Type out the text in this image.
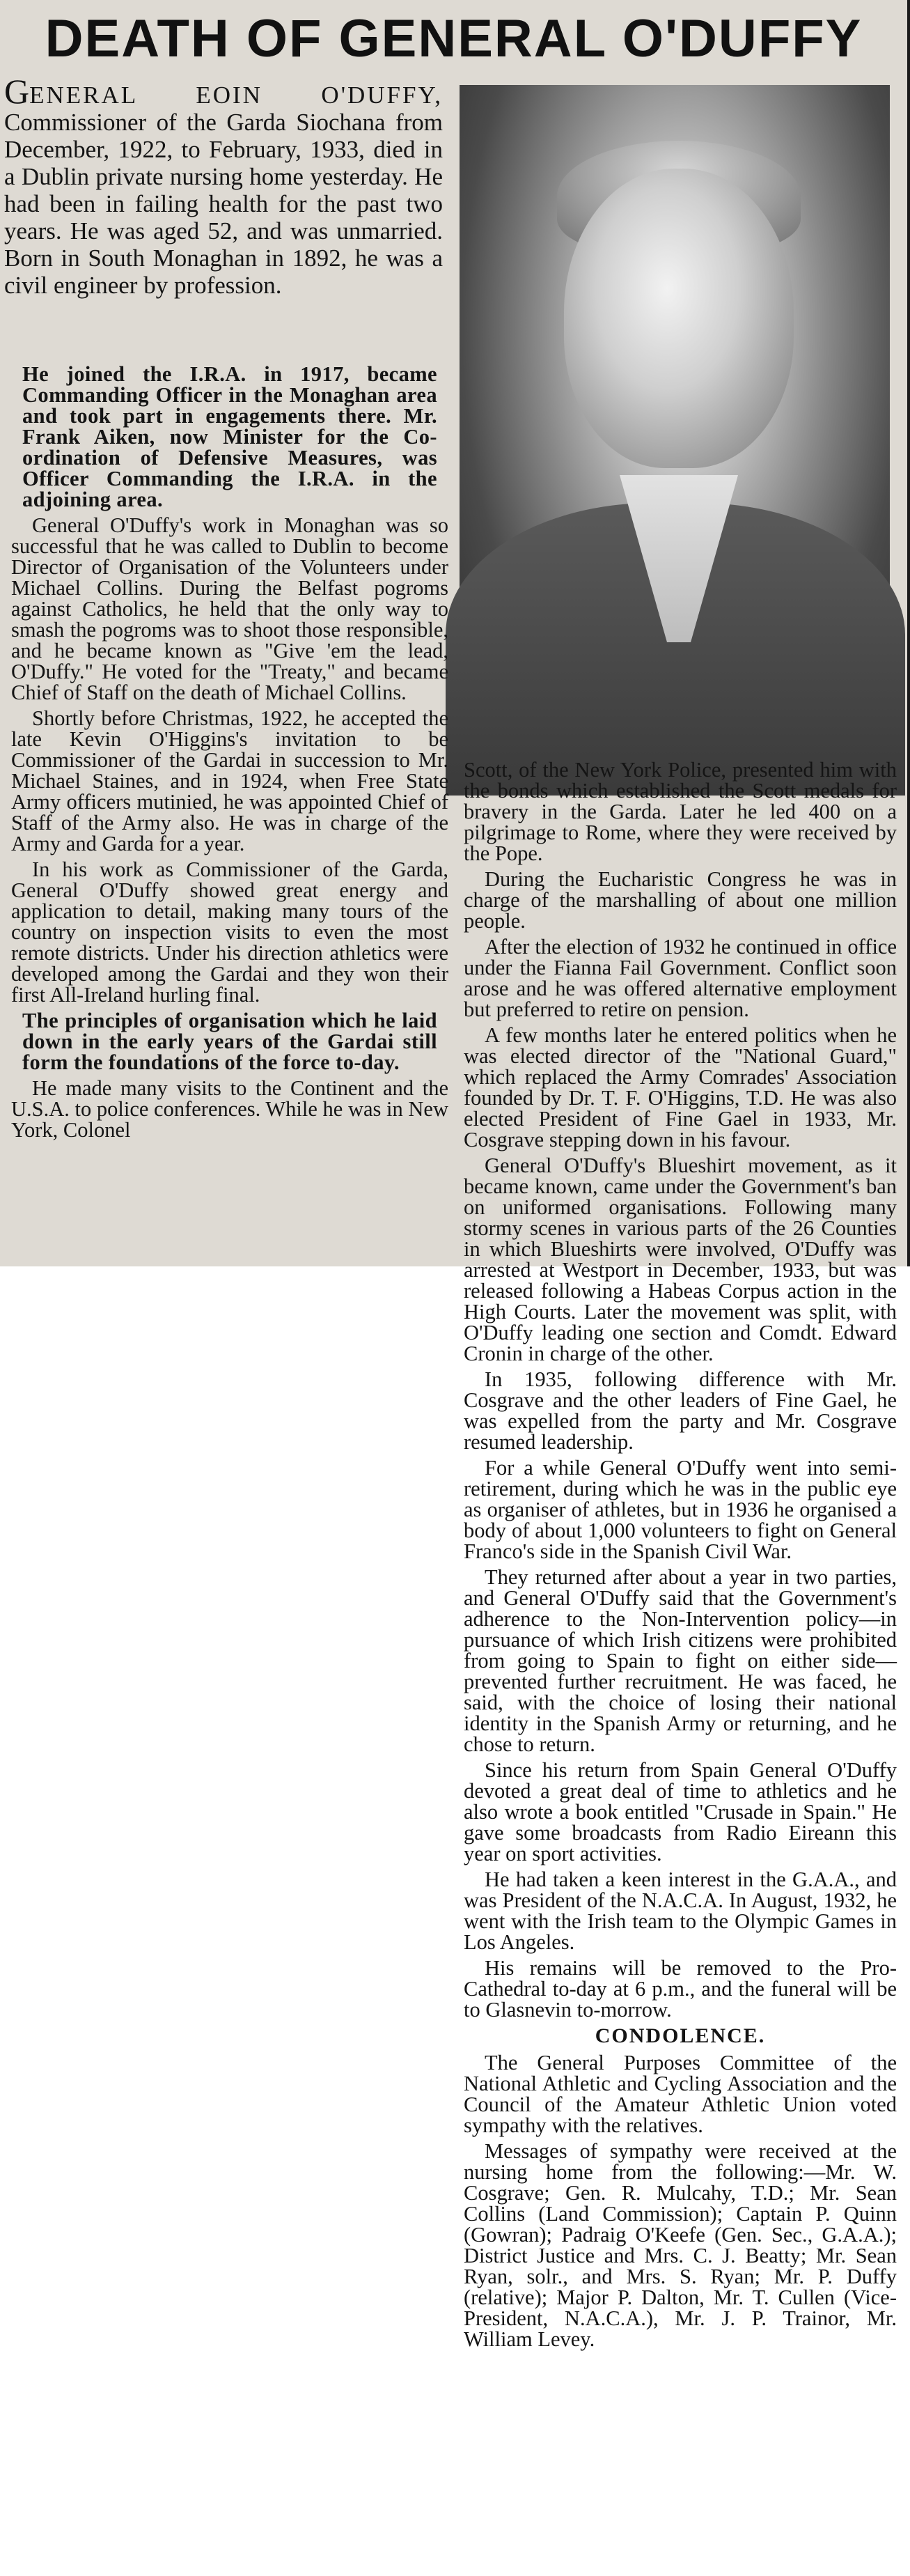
DEATH OF GENERAL O'DUFFY

GENERAL EOIN O'DUFFY, Commissioner of the Garda Siochana from December, 1922, to February, 1933, died in a Dublin private nursing home yesterday. He had been in failing health for the past two years. He was aged 52, and was unmarried. Born in South Monaghan in 1892, he was a civil engineer by profession.

He joined the I.R.A. in 1917, became Commanding Officer in the Monaghan area and took part in engagements there. Mr. Frank Aiken, now Minister for the Co-ordination of Defensive Measures, was Officer Commanding the I.R.A. in the adjoining area.

General O'Duffy's work in Monaghan was so successful that he was called to Dublin to become Director of Organisation of the Volunteers under Michael Collins. During the Belfast pogroms against Catholics, he held that the only way to smash the pogroms was to shoot those responsible, and he became known as "Give 'em the lead, O'Duffy." He voted for the "Treaty," and became Chief of Staff on the death of Michael Collins.

Shortly before Christmas, 1922, he accepted the late Kevin O'Higgins's invitation to be Commissioner of the Gardai in succession to Mr. Michael Staines, and in 1924, when Free State Army officers mutinied, he was appointed Chief of Staff of the Army also. He was in charge of the Army and Garda for a year.

In his work as Commissioner of the Garda, General O'Duffy showed great energy and application to detail, making many tours of the country on inspection visits to even the most remote districts. Under his direction athletics were developed among the Gardai and they won their first All-Ireland hurling final.

The principles of organisation which he laid down in the early years of the Gardai still form the foundations of the force to-day.

He made many visits to the Continent and the U.S.A. to police conferences. While he was in New York, Colonel

Scott, of the New York Police, presented him with the bonds which established the Scott medals for bravery in the Garda. Later he led 400 on a pilgrimage to Rome, where they were received by the Pope.

During the Eucharistic Congress he was in charge of the marshalling of about one million people.

After the election of 1932 he continued in office under the Fianna Fail Government. Conflict soon arose and he was offered alternative employment but preferred to retire on pension.

A few months later he entered politics when he was elected director of the "National Guard," which replaced the Army Comrades' Association founded by Dr. T. F. O'Higgins, T.D. He was also elected President of Fine Gael in 1933, Mr. Cosgrave stepping down in his favour.

General O'Duffy's Blueshirt movement, as it became known, came under the Government's ban on uniformed organisations. Following many stormy scenes in various parts of the 26 Counties in which Blueshirts were involved, O'Duffy was arrested at Westport in December, 1933, but was released following a Habeas Corpus action in the High Courts. Later the movement was split, with O'Duffy leading one section and Comdt. Edward Cronin in charge of the other.

In 1935, following difference with Mr. Cosgrave and the other leaders of Fine Gael, he was expelled from the party and Mr. Cosgrave resumed leadership.

For a while General O'Duffy went into semi-retirement, during which he was in the public eye as organiser of athletes, but in 1936 he organised a body of about 1,000 volunteers to fight on General Franco's side in the Spanish Civil War.

They returned after about a year in two parties, and General O'Duffy said that the Government's adherence to the Non-Intervention policy—in pursuance of which Irish citizens were prohibited from going to Spain to fight on either side—prevented further recruitment. He was faced, he said, with the choice of losing their national identity in the Spanish Army or returning, and he chose to return.

Since his return from Spain General O'Duffy devoted a great deal of time to athletics and he also wrote a book entitled "Crusade in Spain." He gave some broadcasts from Radio Eireann this year on sport activities.

He had taken a keen interest in the G.A.A., and was President of the N.A.C.A. In August, 1932, he went with the Irish team to the Olympic Games in Los Angeles.

His remains will be removed to the Pro-Cathedral to-day at 6 p.m., and the funeral will be to Glasnevin to-morrow.

CONDOLENCE.

The General Purposes Committee of the National Athletic and Cycling Association and the Council of the Amateur Athletic Union voted sympathy with the relatives.

Messages of sympathy were received at the nursing home from the following:—Mr. W. Cosgrave; Gen. R. Mulcahy, T.D.; Mr. Sean Collins (Land Commission); Captain P. Quinn (Gowran); Padraig O'Keefe (Gen. Sec., G.A.A.); District Justice and Mrs. C. J. Beatty; Mr. Sean Ryan, solr., and Mrs. S. Ryan; Mr. P. Duffy (relative); Major P. Dalton, Mr. T. Cullen (Vice-President, N.A.C.A.), Mr. J. P. Trainor, Mr. William Levey.
